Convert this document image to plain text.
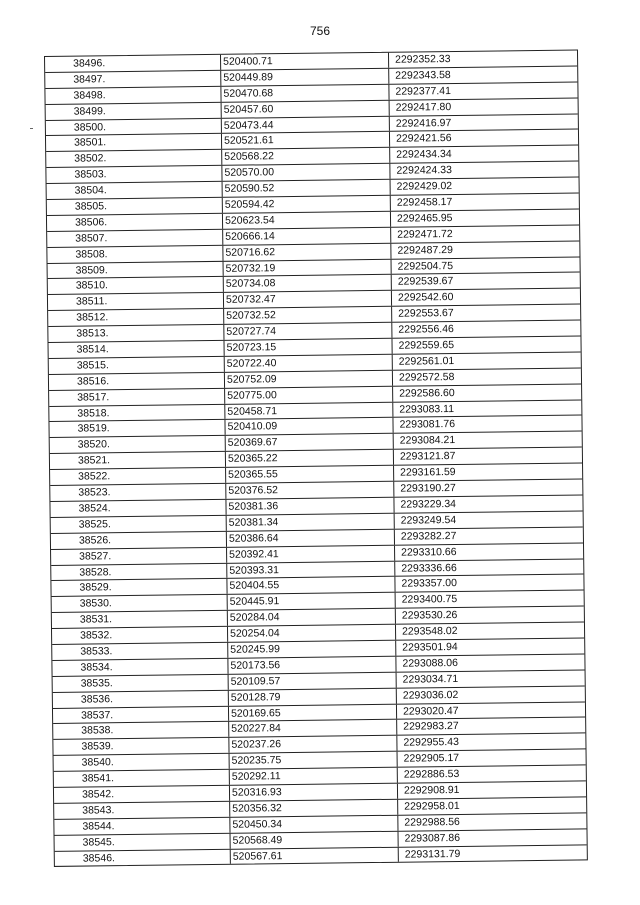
756
38496.	520400.71	2292352.33
38497.	520449.89	2292343.58
38498.	520470.68	2292377.41
38499.	520457.60	2292417.80
38500.	520473.44	2292416.97
38501.	520521.61	2292421.56
38502.	520568.22	2292434.34
38503.	520570.00	2292424.33
38504.	520590.52	2292429.02
38505.	520594.42	2292458.17
38506.	520623.54	2292465.95
38507.	520666.14	2292471.72
38508.	520716.62	2292487.29
38509.	520732.19	2292504.75
38510.	520734.08	2292539.67
38511.	520732.47	2292542.60
38512.	520732.52	2292553.67
38513.	520727.74	2292556.46
38514.	520723.15	2292559.65
38515.	520722.40	2292561.01
38516.	520752.09	2292572.58
38517.	520775.00	2292586.60
38518.	520458.71	2293083.11
38519.	520410.09	2293081.76
38520.	520369.67	2293084.21
38521.	520365.22	2293121.87
38522.	520365.55	2293161.59
38523.	520376.52	2293190.27
38524.	520381.36	2293229.34
38525.	520381.34	2293249.54
38526.	520386.64	2293282.27
38527.	520392.41	2293310.66
38528.	520393.31	2293336.66
38529.	520404.55	2293357.00
38530.	520445.91	2293400.75
38531.	520284.04	2293530.26
38532.	520254.04	2293548.02
38533.	520245.99	2293501.94
38534.	520173.56	2293088.06
38535.	520109.57	2293034.71
38536.	520128.79	2293036.02
38537.	520169.65	2293020.47
38538.	520227.84	2292983.27
38539.	520237.26	2292955.43
38540.	520235.75	2292905.17
38541.	520292.11	2292886.53
38542.	520316.93	2292908.91
38543.	520356.32	2292958.01
38544.	520450.34	2292988.56
38545.	520568.49	2293087.86
38546.	520567.61	2293131.79
